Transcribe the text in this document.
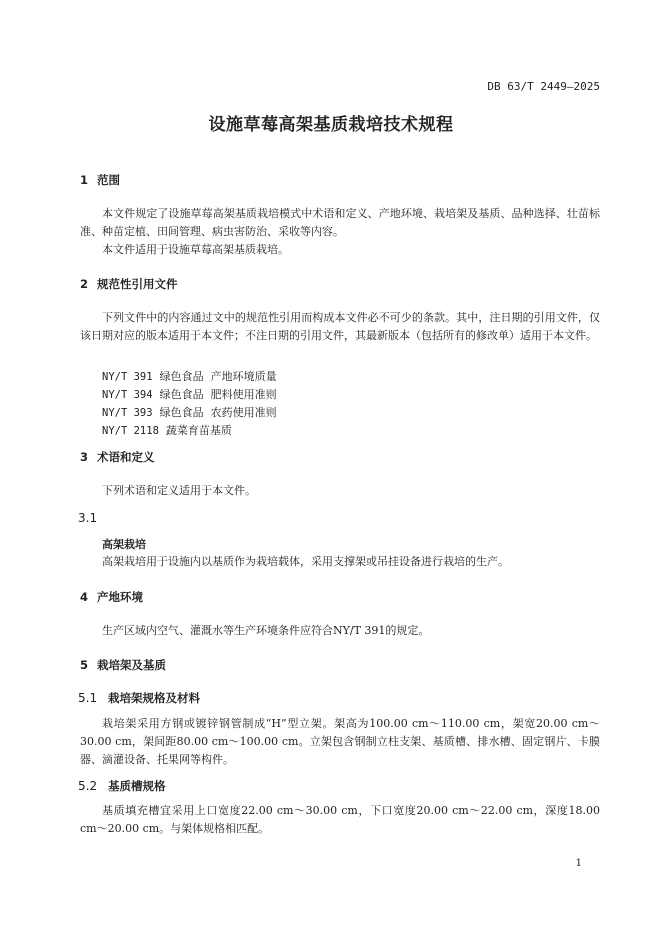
DB 63/T 2449—2025
设施草莓高架基质栽培技术规程
1 范围
本文件规定了设施草莓高架基质栽培模式中术语和定义、产地环境、栽培架及基质、品种选择、壮苗标准、种苗定植、田间管理、病虫害防治、采收等内容。
本文件适用于设施草莓高架基质栽培。
2 规范性引用文件
下列文件中的内容通过文中的规范性引用而构成本文件必不可少的条款。其中，注日期的引用文件，仅该日期对应的版本适用于本文件；不注日期的引用文件，其最新版本（包括所有的修改单）适用于本文件。
NY/T 391 绿色食品  产地环境质量
NY/T 394 绿色食品  肥料使用准则
NY/T 393 绿色食品  农药使用准则
NY/T 2118 蔬菜育苗基质
3 术语和定义
下列术语和定义适用于本文件。
3.1
高架栽培
高架栽培用于设施内以基质作为栽培载体，采用支撑架或吊挂设备进行栽培的生产。
4 产地环境
生产区域内空气、灌溉水等生产环境条件应符合NY/T 391的规定。
5 栽培架及基质
5.1 栽培架规格及材料
栽培架采用方钢或镀锌钢管制成“H”型立架。架高为100.00 cm～110.00 cm，架宽20.00 cm～30.00 cm，架间距80.00 cm～100.00 cm。立架包含钢制立柱支架、基质槽、排水槽、固定钢片、卡膜器、滴灌设备、托果网等构件。
5.2 基质槽规格
基质填充槽宜采用上口宽度22.00 cm～30.00 cm，下口宽度20.00 cm～22.00 cm，深度18.00 cm～20.00 cm。与架体规格相匹配。
1
